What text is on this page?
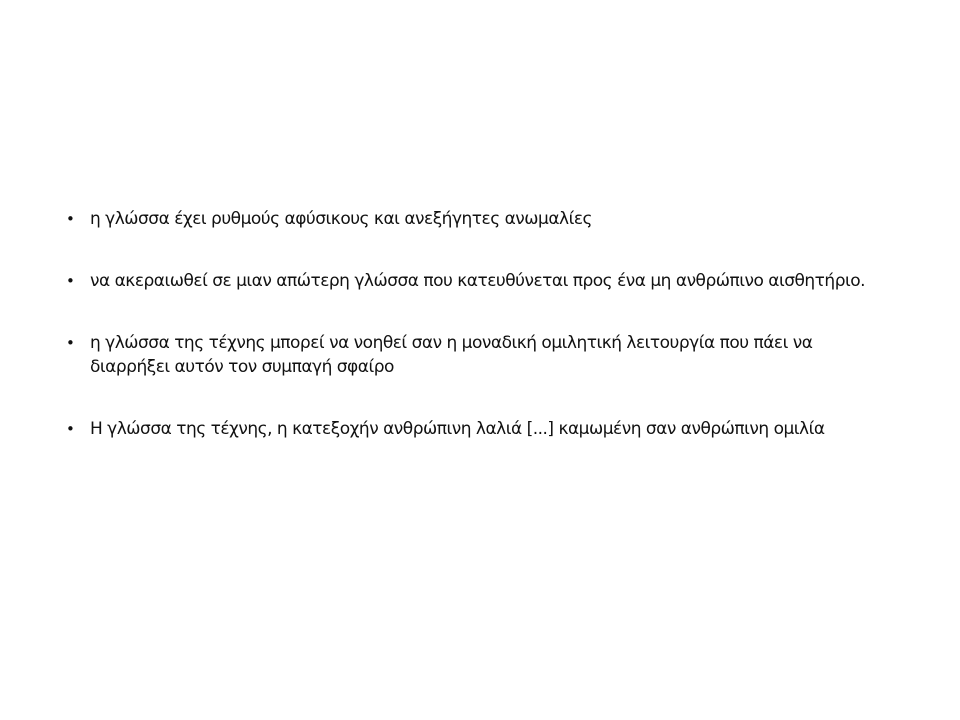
• η γλώσσα έχει ρυθμούς αφύσικους και ανεξήγητες ανωμαλίες
• να ακεραιωθεί σε μιαν απώτερη γλώσσα που κατευθύνεται προς ένα μη ανθρώπινο αισθητήριο.
• η γλώσσα της τέχνης μπορεί να νοηθεί σαν η μοναδική ομιλητική λειτουργία που πάει να διαρρήξει αυτόν τον συμπαγή σφαίρο
• Η γλώσσα της τέχνης, η κατεξοχήν ανθρώπινη λαλιά [...] καμωμένη σαν ανθρώπινη ομιλία
